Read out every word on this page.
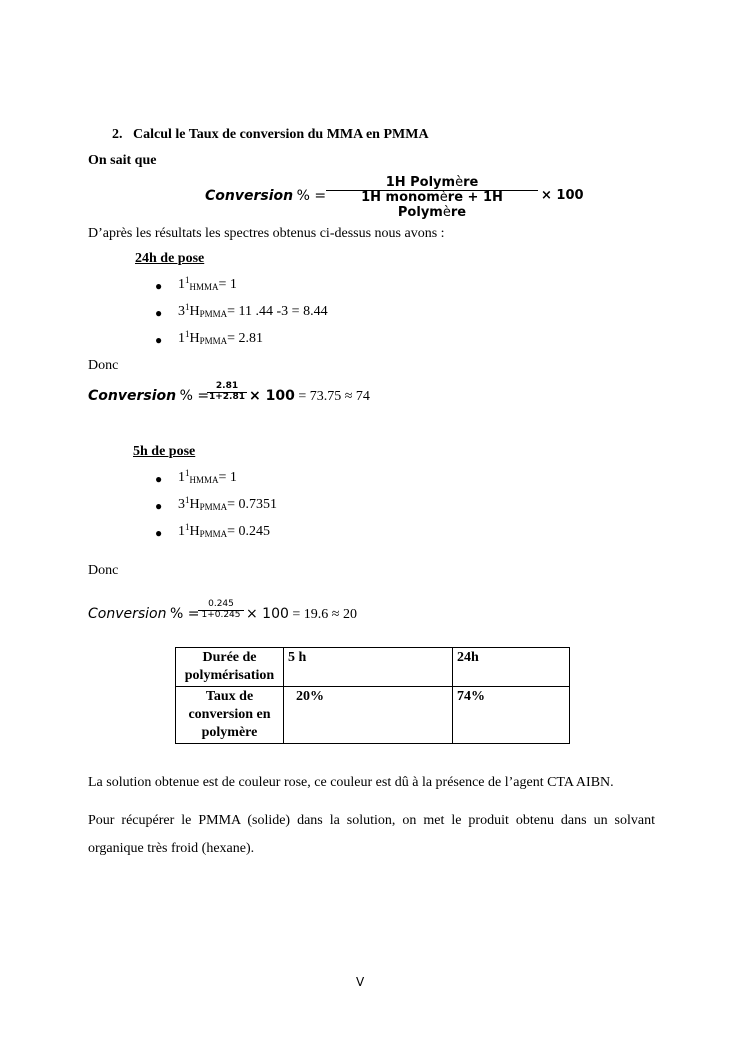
2. Calcul le Taux de conversion du MMA en PMMA
On sait que
Conversion % =
1H Polymère
1H monomère + 1H Polymère
× 100
D’après les résultats les spectres obtenus ci-dessus nous avons :
24h de pose
● $1^1_{HMMA}= 1$
● $3^1H_{PMMA}= 11$ .44 -3 = 8.44
● $1^1H_{PMMA}= 2.81$
Donc
Conversion % =
2.81
1+2.81 × 100 = 73.75 ≈ 74
5h de pose
● $1^1_{HMMA}= 1$
● $3^1H_{PMMA}= 0.7351$
● $1^1H_{PMMA}= 0.245$
Donc
Conversion % =
0.245
1+0.245 × 100 = 19.6 ≈ 20
Durée de
polymérisation	5 h	24h

Taux de
conversion en
polymère	20%	74%
La solution obtenue est de couleur rose, ce couleur est dû à la présence de l’agent CTA AIBN.
Pour récupérer le PMMA (solide) dans la solution, on met le produit obtenu dans un solvant organique très froid (hexane).
V
